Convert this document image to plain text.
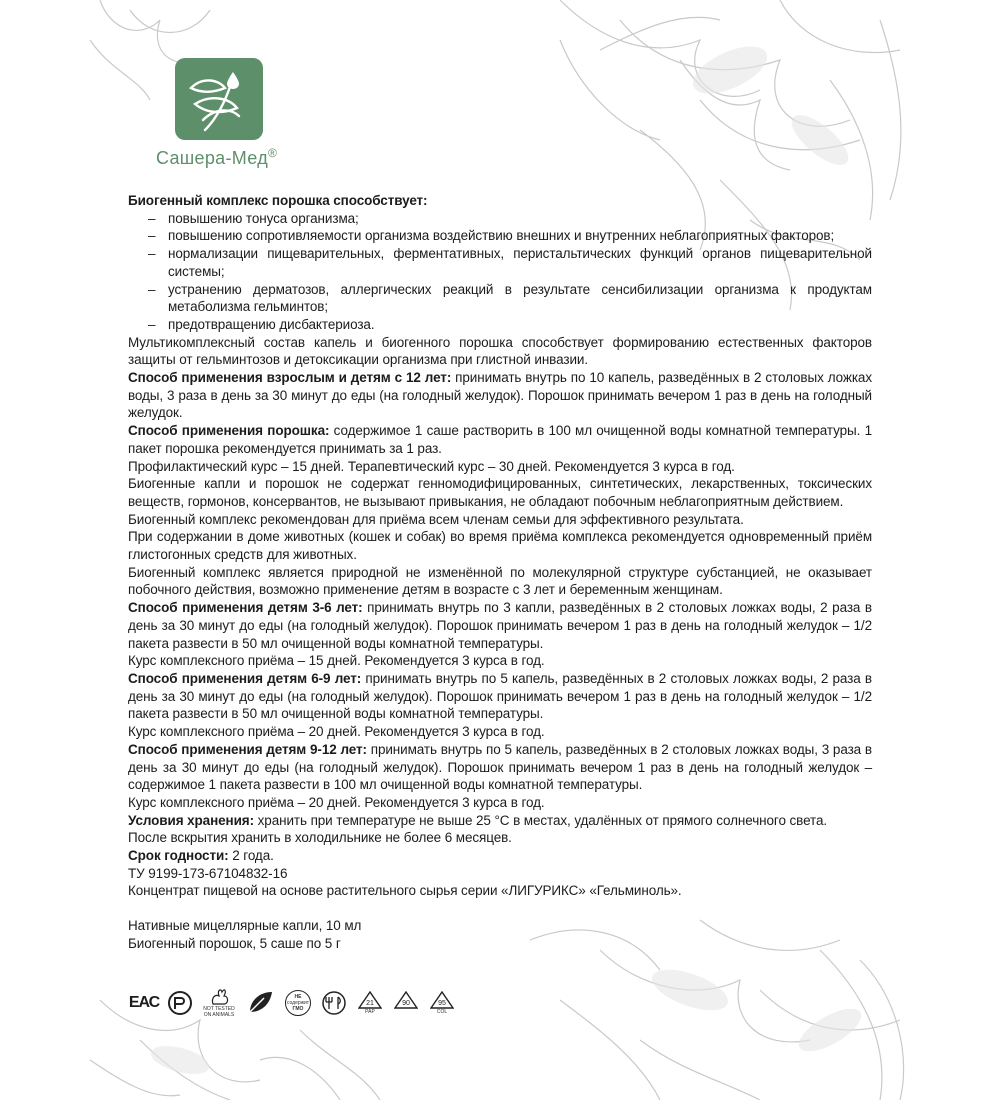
Сашера-Мед®

Биогенный комплекс порошка способствует:

– повышению тонуса организма;
– повышению сопротивляемости организма воздействию внешних и внутренних неблагоприятных факторов;
– нормализации пищеварительных, ферментативных, перистальтических функций органов пищеварительной системы;
– устранению дерматозов, аллергических реакций в результате сенсибилизации организма к продуктам метаболизма гельминтов;
– предотвращению дисбактериоза.

Мультикомплексный состав капель и биогенного порошка способствует формированию естественных факторов защиты от гельминтозов и детоксикации организма при глистной инвазии.

Способ применения взрослым и детям с 12 лет: принимать внутрь по 10 капель, разведённых в 2 столовых ложках воды, 3 раза в день за 30 минут до еды (на голодный желудок). Порошок принимать вечером 1 раз в день на голодный желудок.

Способ применения порошка: содержимое 1 саше растворить в 100 мл очищенной воды комнатной температуры. 1 пакет порошка рекомендуется принимать за 1 раз.

Профилактический курс – 15 дней. Терапевтический курс – 30 дней. Рекомендуется 3 курса в год.

Биогенные капли и порошок не содержат генномодифицированных, синтетических, лекарственных, токсических веществ, гормонов, консервантов, не вызывают привыкания, не обладают побочным неблагоприятным действием.

Биогенный комплекс рекомендован для приёма всем членам семьи для эффективного результата.

При содержании в доме животных (кошек и собак) во время приёма комплекса рекомендуется одновременный приём глистогонных средств для животных.

Биогенный комплекс является природной не изменённой по молекулярной структуре субстанцией, не оказывает побочного действия, возможно применение детям в возрасте с 3 лет и беременным женщинам.

Способ применения детям 3-6 лет: принимать внутрь по 3 капли, разведённых в 2 столовых ложках воды, 2 раза в день за 30 минут до еды (на голодный желудок). Порошок принимать вечером 1 раз в день на голодный желудок – 1/2 пакета развести в 50 мл очищенной воды комнатной температуры.

Курс комплексного приёма – 15 дней. Рекомендуется 3 курса в год.

Способ применения детям 6-9 лет: принимать внутрь по 5 капель, разведённых в 2 столовых ложках воды, 2 раза в день за 30 минут до еды (на голодный желудок). Порошок принимать вечером 1 раз в день на голодный желудок – 1/2 пакета развести в 50 мл очищенной воды комнатной температуры.

Курс комплексного приёма – 20 дней. Рекомендуется 3 курса в год.

Способ применения детям 9-12 лет: принимать внутрь по 5 капель, разведённых в 2 столовых ложках воды, 3 раза в день за 30 минут до еды (на голодный желудок). Порошок принимать вечером 1 раз в день на голодный желудок – содержимое 1 пакета развести в 100 мл очищенной воды комнатной температуры.

Курс комплексного приёма – 20 дней. Рекомендуется 3 курса в год.

Условия хранения: хранить при температуре не выше 25 °С в местах, удалённых от прямого солнечного света.

После вскрытия хранить в холодильнике не более 6 месяцев.

Срок годности: 2 года.

ТУ 9199-173-67104832-16

Концентрат пищевой на основе растительного сырья серии «ЛИГУРИКС» «Гельминоль».

Нативные мицеллярные капли, 10 мл

Биогенный порошок, 5 саше по 5 г

ЕАС	NOT TESTED ON ANIMALS
НЕ
содержит
ГМО
21
PAP
90	95
COL
